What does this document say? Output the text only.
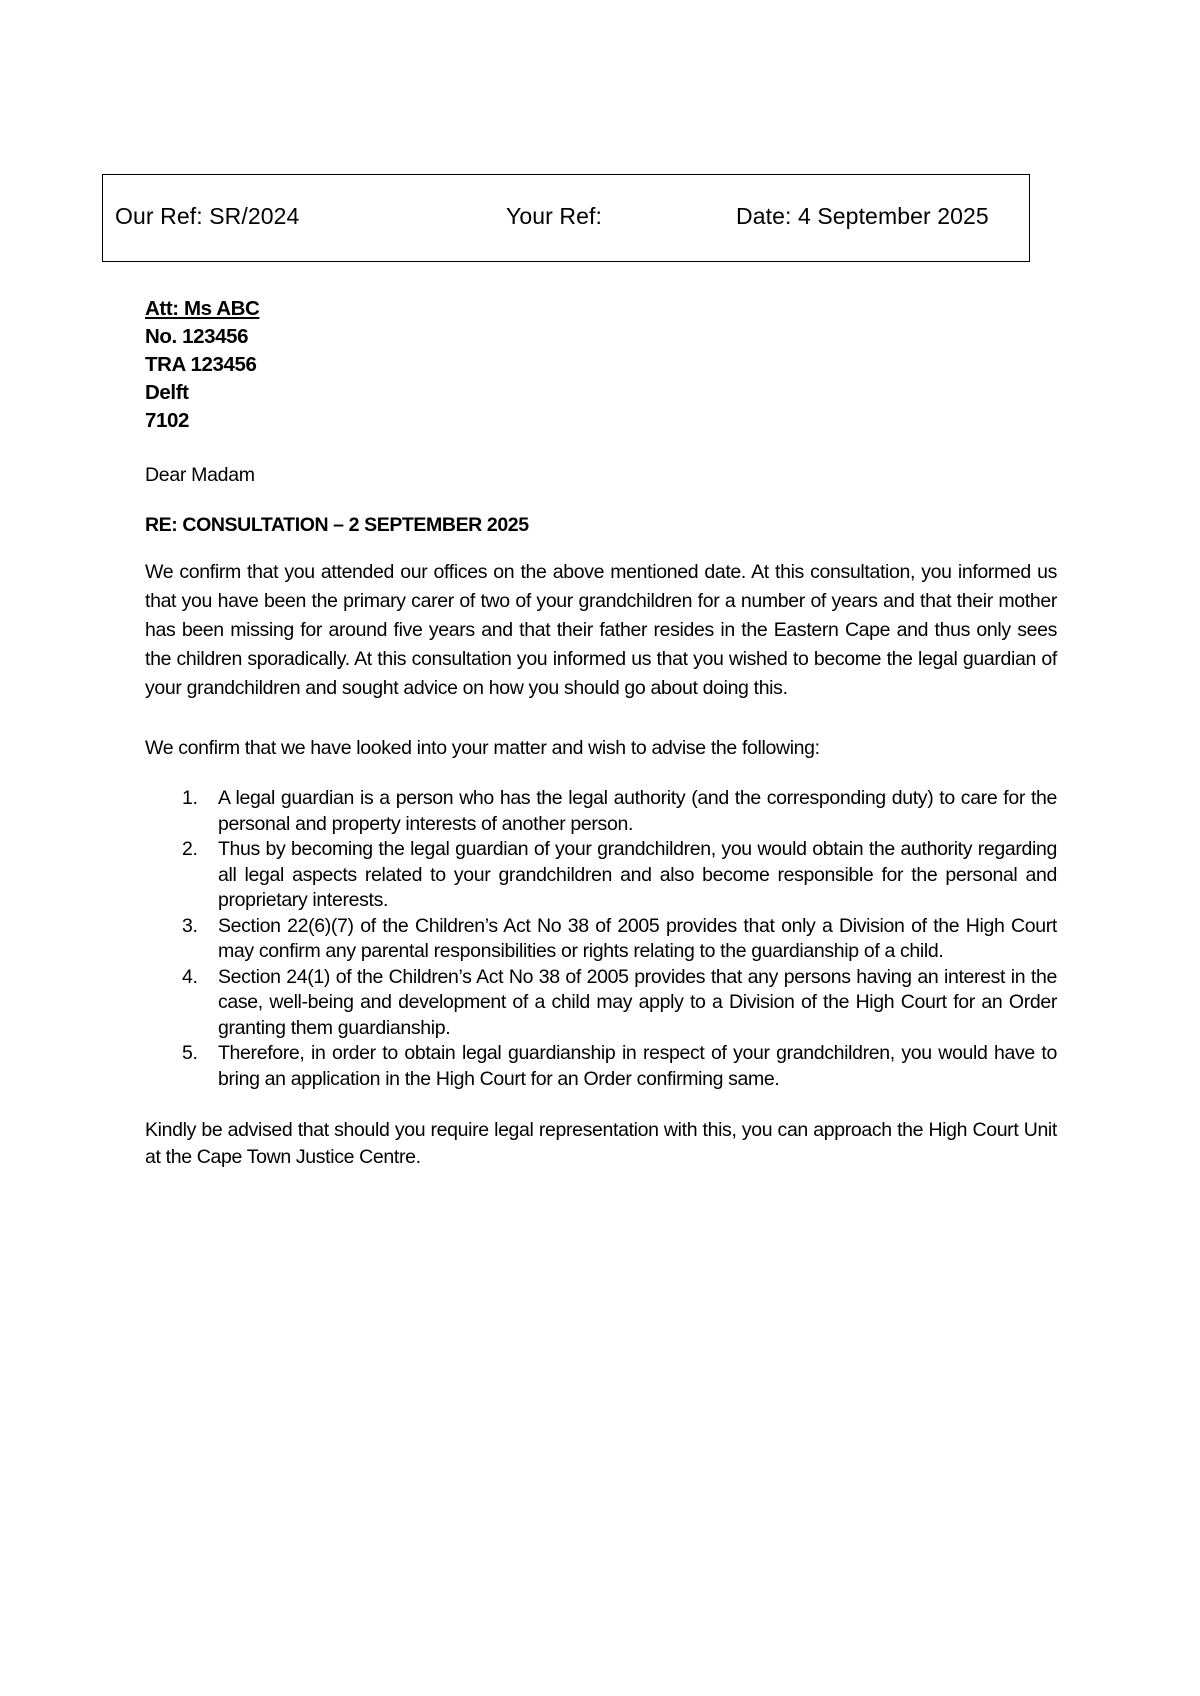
Our Ref: SR/2024	Your Ref:	Date: 4 September 2025
Att: Ms ABC
No. 123456
TRA 123456
Delft
7102
Dear Madam
RE: CONSULTATION – 2 SEPTEMBER 2025
We confirm that you attended our offices on the above mentioned date. At this consultation, you informed us that you have been the primary carer of two of your grandchildren for a number of years and that their mother has been missing for around five years and that their father resides in the Eastern Cape and thus only sees the children sporadically. At this consultation you informed us that you wished to become the legal guardian of your grandchildren and sought advice on how you should go about doing this.
We confirm that we have looked into your matter and wish to advise the following:
1. A legal guardian is a person who has the legal authority (and the corresponding duty) to care for the personal and property interests of another person.
2. Thus by becoming the legal guardian of your grandchildren, you would obtain the authority regarding all legal aspects related to your grandchildren and also become responsible for the personal and proprietary interests.
3. Section 22(6)(7) of the Children’s Act No 38 of 2005 provides that only a Division of the High Court may confirm any parental responsibilities or rights relating to the guardianship of a child.
4. Section 24(1) of the Children’s Act No 38 of 2005 provides that any persons having an interest in the case, well-being and development of a child may apply to a Division of the High Court for an Order granting them guardianship.
5. Therefore, in order to obtain legal guardianship in respect of your grandchildren, you would have to bring an application in the High Court for an Order confirming same.
Kindly be advised that should you require legal representation with this, you can approach the High Court Unit at the Cape Town Justice Centre.
